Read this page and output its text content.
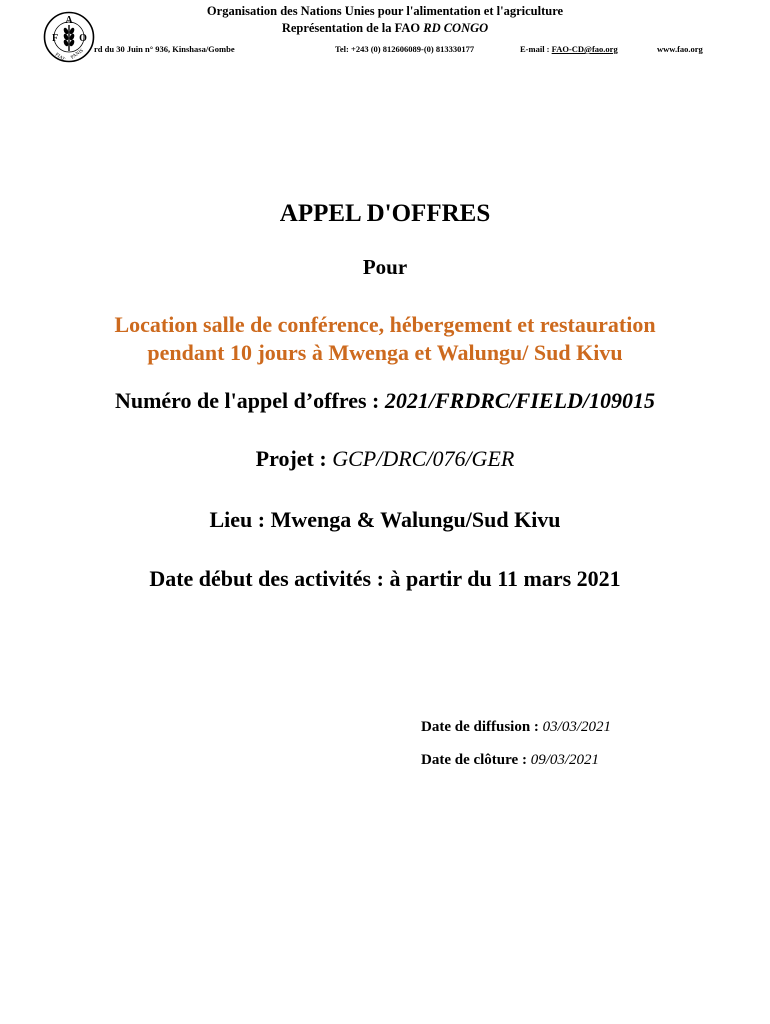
Organisation des Nations Unies pour l'alimentation et l'agriculture
Représentation de la FAO RD CONGO
A
F O
FIAT PANIS rd du 30 Juin n° 936, Kinshasa/Gombe	Tel: +243 (0) 812606089-(0) 813330177	E-mail : FAO-CD@fao.org	www.fao.org
APPEL D'OFFRES
Pour
Location salle de conférence, hébergement et restauration
pendant 10 jours à Mwenga et Walungu/ Sud Kivu
Numéro de l'appel d’offres : 2021/FRDRC/FIELD/109015
Projet : GCP/DRC/076/GER
Lieu : Mwenga & Walungu/Sud Kivu
Date début des activités : à partir du 11 mars 2021
Date de diffusion : 03/03/2021
Date de clôture : 09/03/2021
